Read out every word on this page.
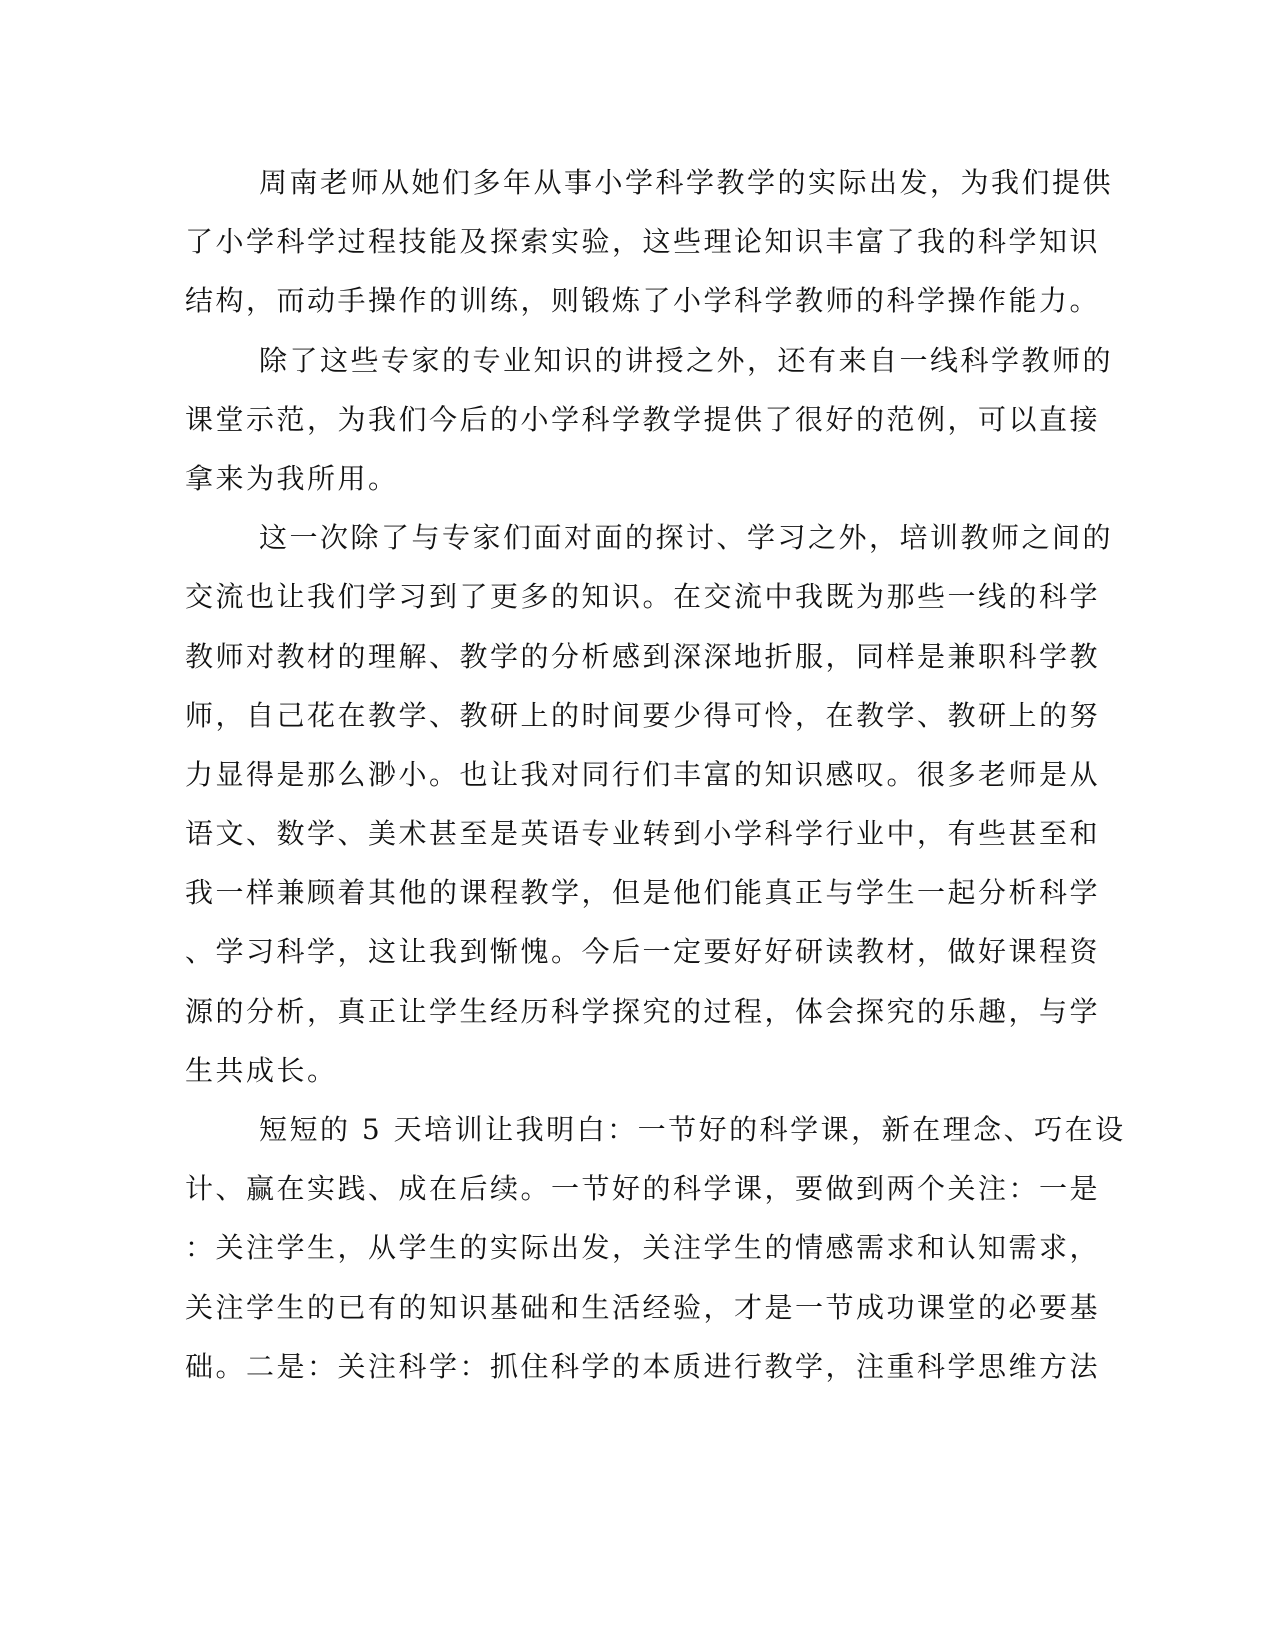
周南老师从她们多年从事小学科学教学的实际出发，为我们提供
了小学科学过程技能及探索实验，这些理论知识丰富了我的科学知识
结构，而动手操作的训练，则锻炼了小学科学教师的科学操作能力。
除了这些专家的专业知识的讲授之外，还有来自一线科学教师的
课堂示范，为我们今后的小学科学教学提供了很好的范例，可以直接
拿来为我所用。
这一次除了与专家们面对面的探讨、学习之外，培训教师之间的
交流也让我们学习到了更多的知识。在交流中我既为那些一线的科学
教师对教材的理解、教学的分析感到深深地折服，同样是兼职科学教
师，自己花在教学、教研上的时间要少得可怜，在教学、教研上的努
力显得是那么渺小。也让我对同行们丰富的知识感叹。很多老师是从
语文、数学、美术甚至是英语专业转到小学科学行业中，有些甚至和
我一样兼顾着其他的课程教学，但是他们能真正与学生一起分析科学
、学习科学，这让我到惭愧。今后一定要好好研读教材，做好课程资
源的分析，真正让学生经历科学探究的过程，体会探究的乐趣，与学
生共成长。
短短的 5 天培训让我明白：一节好的科学课，新在理念、巧在设
计、赢在实践、成在后续。一节好的科学课，要做到两个关注：一是
：关注学生，从学生的实际出发，关注学生的情感需求和认知需求，
关注学生的已有的知识基础和生活经验，才是一节成功课堂的必要基
础。二是：关注科学：抓住科学的本质进行教学，注重科学思维方法
